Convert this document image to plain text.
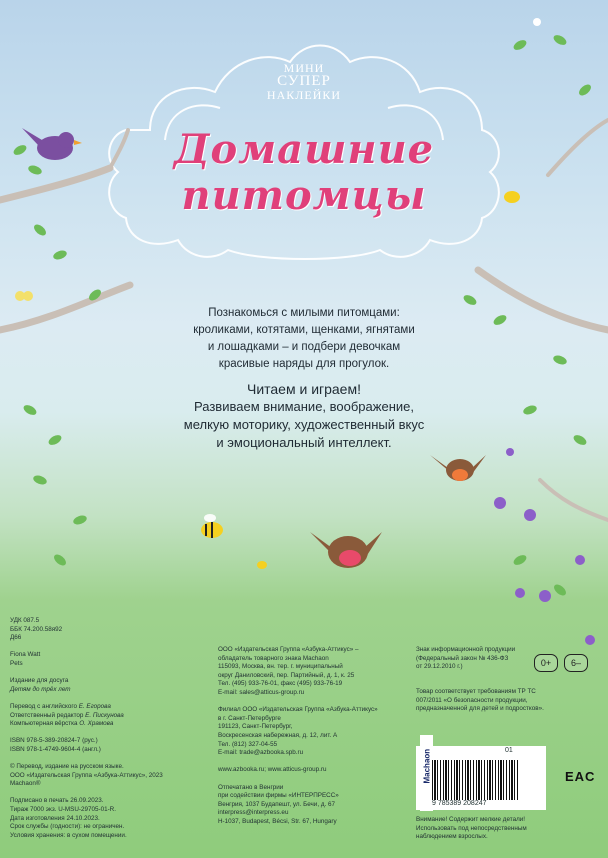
МИНИ
СУПЕР
НАКЛЕЙКИ
Домашние
питомцы
Познакомься с милыми питомцами:
кроликами, котятами, щенками, ягнятами
и лошадками – и подбери девочкам
красивые наряды для прогулок.
Читаем и играем!
Развиваем внимание, воображение,
мелкую моторику, художественный вкус
и эмоциональный интеллект.
УДК 087.5
ББК 74.200.58я92
Д66
Fiona Watt
Pets
Издание для досуга
Детям до трёх лет
Перевод с английского Е. Егорова
Ответственный редактор Е. Пискунова
Компьютерная вёрстка О. Храмова
ISBN 978-5-389-20824-7 (рус.)
ISBN 978-1-4749-9604-4 (англ.)
© Перевод, издание на русском языке.
ООО «Издательская Группа «Азбука-Аттикус», 2023
Machaon®
Подписано в печать 26.09.2023.
Тираж 7000 экз. U-MSU-29705-01-R.
Дата изготовления 24.10.2023.
Срок службы (годности): не ограничен.
Условия хранения: в сухом помещении.
ООО «Издательская Группа «Азбука-Аттикус» –
обладатель товарного знака Machaon
115093, Москва, вн. тер. г. муниципальный
округ Даниловский, пер. Партийный, д. 1, к. 25
Тел. (495) 933-76-01, факс (495) 933-76-19
E-mail: sales@atticus-group.ru
Филиал ООО «Издательская Группа «Азбука-Аттикус»
в г. Санкт-Петербурге
191123, Санкт-Петербург,
Воскресенская набережная, д. 12, лит. А
Тел. (812) 327-04-55
E-mail: trade@azbooka.spb.ru
www.azbooka.ru; www.atticus-group.ru
Отпечатано в Венгрии
при содействии фирмы «ИНТЕРПРЕСС»
Венгрия, 1037 Будапешт, ул. Бечи, д. 67
interpress@interpress.eu
H-1037, Budapest, Bécsi, Str. 67, Hungary
Знак информационной продукции
(Федеральный закон № 436-ФЗ
от 29.12.2010 г.)	0+	6–
Товар соответствует требованиям ТР ТС
007/2011 «О безопасности продукции,
предназначенной для детей и подростков».
Machaon	01
9 785389 208247
EAC
Внимание! Содержит мелкие детали!
Использовать под непосредственным
наблюдением взрослых.
